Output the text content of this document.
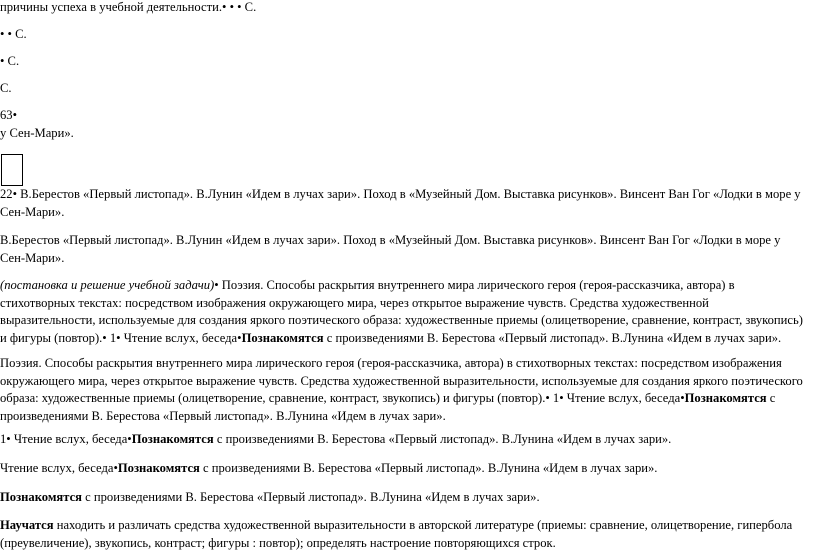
причины успеха в учебной деятельности.• • • С.
• • С.
• С.
С.
63•
у Сен-Мари».
22• В.Берестов «Первый листопад». В.Лунин «Идем в лучах зари». Поход в «Музейный Дом. Выставка рисунков». Винсент Ван Гог «Лодки в море у Сен-Мари».
В.Берестов «Первый листопад». В.Лунин «Идем в лучах зари». Поход в «Музейный Дом. Выставка рисунков». Винсент Ван Гог «Лодки в море у Сен-Мари».
(постановка и решение учебной задачи)• Поэзия. Способы раскрытия внутреннего мира лирического героя (героя-рассказчика, автора) в стихотворных текстах: посредством изображения окружающего мира, через открытое выражение чувств. Средства художественной выразительности, используемые для создания яркого поэтического образа: художественные приемы (олицетворение, сравнение, контраст, звукопись) и фигуры (повтор).• 1• Чтение вслух, беседа•Познакомятся с произведениями В. Берестова «Первый листопад». В.Лунина «Идем в лучах зари».
Поэзия. Способы раскрытия внутреннего мира лирического героя (героя-рассказчика, автора) в стихотворных текстах: посредством изображения окружающего мира, через открытое выражение чувств. Средства художественной выразительности, используемые для создания яркого поэтического образа: художественные приемы (олицетворение, сравнение, контраст, звукопись) и фигуры (повтор).• 1• Чтение вслух, беседа•Познакомятся с произведениями В. Берестова «Первый листопад». В.Лунина «Идем в лучах зари».
1• Чтение вслух, беседа•Познакомятся с произведениями В. Берестова «Первый листопад». В.Лунина «Идем в лучах зари».
Чтение вслух, беседа•Познакомятся с произведениями В. Берестова «Первый листопад». В.Лунина «Идем в лучах зари».
Познакомятся с произведениями В. Берестова «Первый листопад». В.Лунина «Идем в лучах зари».
Научатся находить и различать средства художественной выразительности в авторской литературе (приемы: сравнение, олицетворение, гипербола (преувеличение), звукопись, контраст; фигуры : повтор); определять настроение повторяющихся строк.
